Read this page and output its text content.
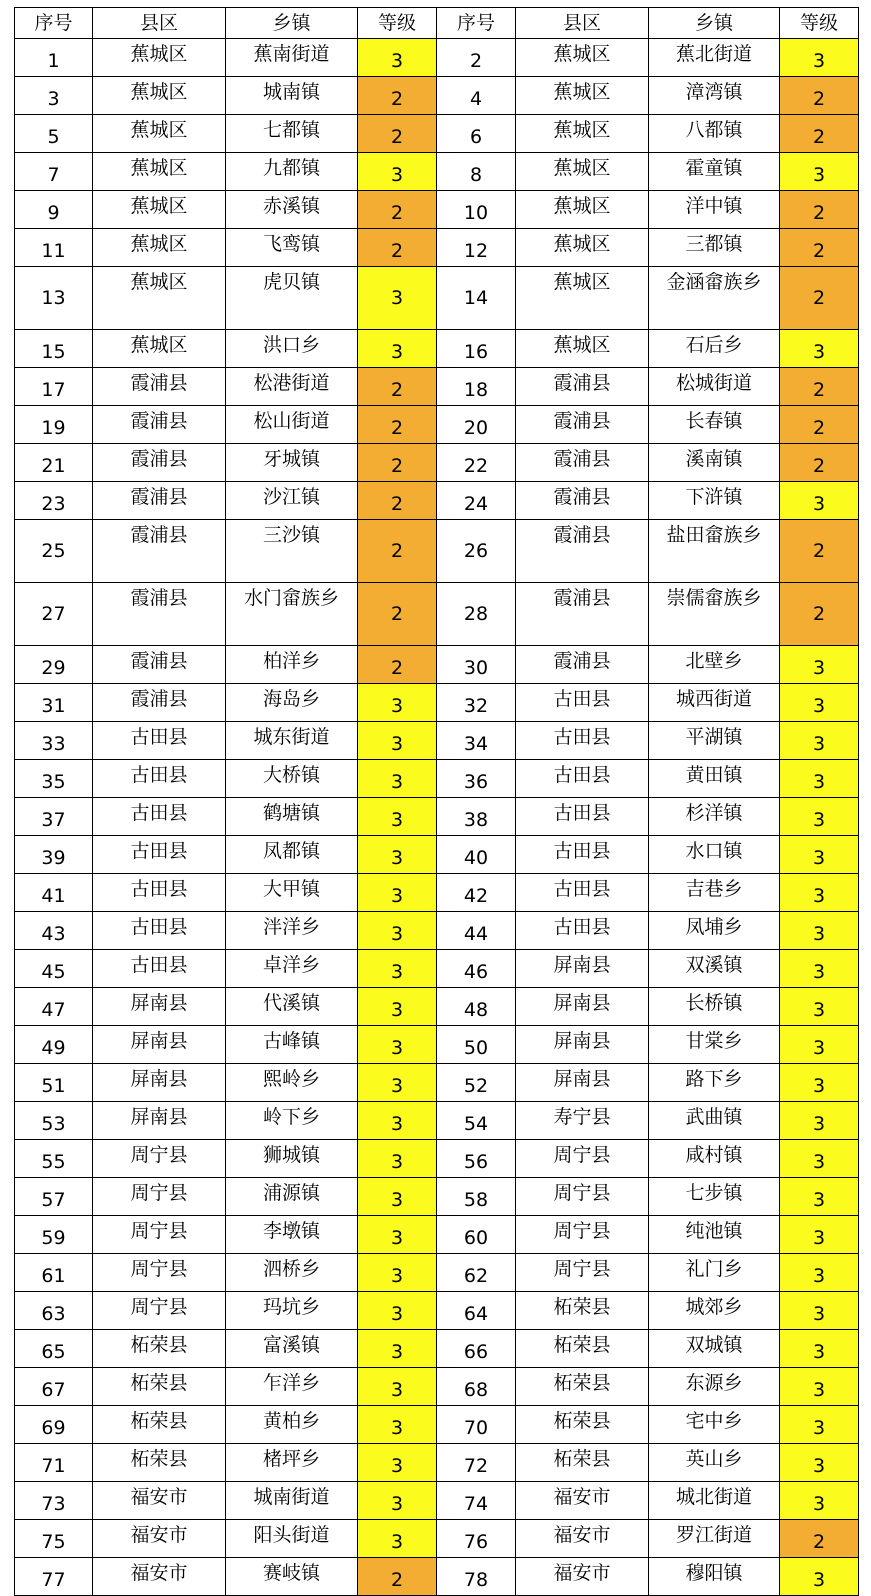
序号	县区	乡镇	等级	序号	县区	乡镇	等级
1	蕉城区	蕉南街道	3	2	蕉城区	蕉北街道	3
3	蕉城区	城南镇	2	4	蕉城区	漳湾镇	2
5	蕉城区	七都镇	2	6	蕉城区	八都镇	2
7	蕉城区	九都镇	3	8	蕉城区	霍童镇	3
9	蕉城区	赤溪镇	2	10	蕉城区	洋中镇	2
11	蕉城区	飞鸾镇	2	12	蕉城区	三都镇	2
13	蕉城区	虎贝镇	3	14	蕉城区	金涵畲族乡	2
15	蕉城区	洪口乡	3	16	蕉城区	石后乡	3
17	霞浦县	松港街道	2	18	霞浦县	松城街道	2
19	霞浦县	松山街道	2	20	霞浦县	长春镇	2
21	霞浦县	牙城镇	2	22	霞浦县	溪南镇	2
23	霞浦县	沙江镇	2	24	霞浦县	下浒镇	3
25	霞浦县	三沙镇	2	26	霞浦县	盐田畲族乡	2
27	霞浦县	水门畲族乡	2	28	霞浦县	崇儒畲族乡	2
29	霞浦县	柏洋乡	2	30	霞浦县	北壁乡	3
31	霞浦县	海岛乡	3	32	古田县	城西街道	3
33	古田县	城东街道	3	34	古田县	平湖镇	3
35	古田县	大桥镇	3	36	古田县	黄田镇	3
37	古田县	鹤塘镇	3	38	古田县	杉洋镇	3
39	古田县	凤都镇	3	40	古田县	水口镇	3
41	古田县	大甲镇	3	42	古田县	吉巷乡	3
43	古田县	泮洋乡	3	44	古田县	凤埔乡	3
45	古田县	卓洋乡	3	46	屏南县	双溪镇	3
47	屏南县	代溪镇	3	48	屏南县	长桥镇	3
49	屏南县	古峰镇	3	50	屏南县	甘棠乡	3
51	屏南县	熙岭乡	3	52	屏南县	路下乡	3
53	屏南县	岭下乡	3	54	寿宁县	武曲镇	3
55	周宁县	狮城镇	3	56	周宁县	咸村镇	3
57	周宁县	浦源镇	3	58	周宁县	七步镇	3
59	周宁县	李墩镇	3	60	周宁县	纯池镇	3
61	周宁县	泗桥乡	3	62	周宁县	礼门乡	3
63	周宁县	玛坑乡	3	64	柘荣县	城郊乡	3
65	柘荣县	富溪镇	3	66	柘荣县	双城镇	3
67	柘荣县	乍洋乡	3	68	柘荣县	东源乡	3
69	柘荣县	黄柏乡	3	70	柘荣县	宅中乡	3
71	柘荣县	楮坪乡	3	72	柘荣县	英山乡	3
73	福安市	城南街道	3	74	福安市	城北街道	3
75	福安市	阳头街道	3	76	福安市	罗江街道	2
77	福安市	赛岐镇	2	78	福安市	穆阳镇	3
